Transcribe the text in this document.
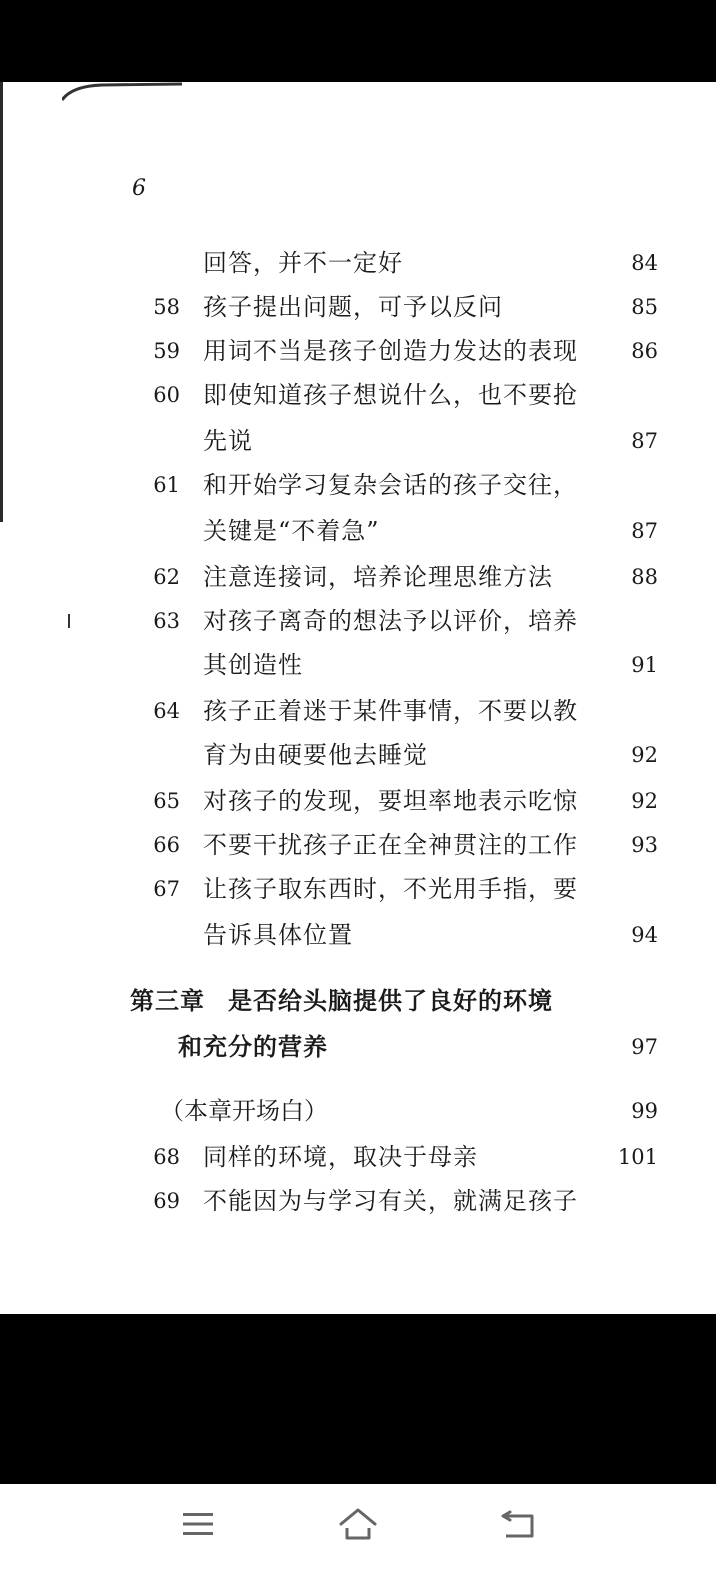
6
回答，并不一定好	84
58 孩子提出问题，可予以反问	85
59 用词不当是孩子创造力发达的表现	86
60 即使知道孩子想说什么，也不要抢
先说	87
61 和开始学习复杂会话的孩子交往，
关键是“不着急”	87
62 注意连接词，培养论理思维方法	88
63 对孩子离奇的想法予以评价，培养
其创造性	91
64 孩子正着迷于某件事情，不要以教
育为由硬要他去睡觉	92
65 对孩子的发现，要坦率地表示吃惊	92
66 不要干扰孩子正在全神贯注的工作	93
67 让孩子取东西时，不光用手指，要
告诉具体位置	94
第三章 是否给头脑提供了良好的环境
和充分的营养	97
（本章开场白）	99
68 同样的环境，取决于母亲	101
69 不能因为与学习有关，就满足孩子
